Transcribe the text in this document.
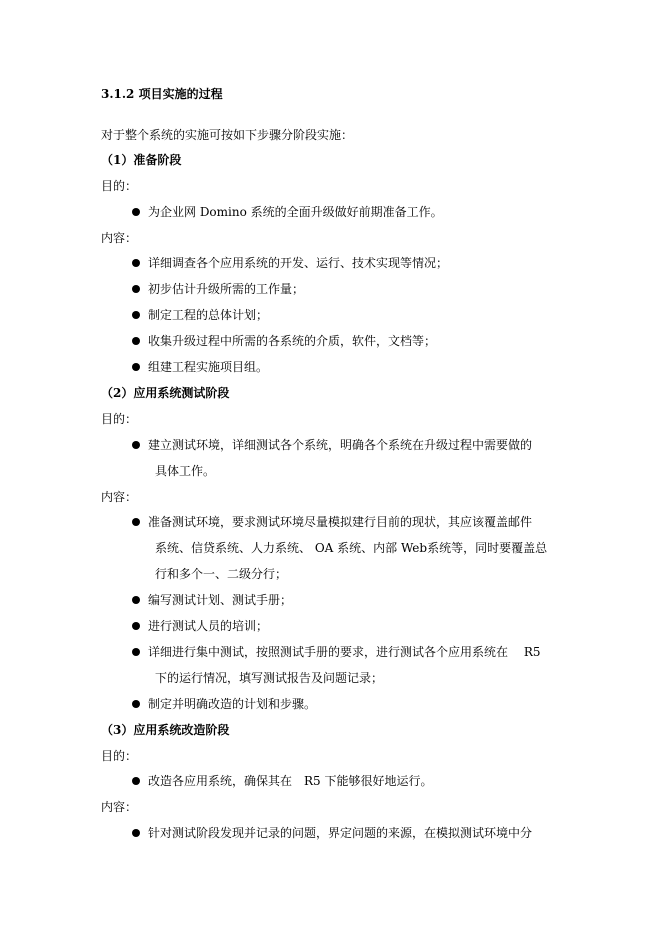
3.1.2 项目实施的过程
对于整个系统的实施可按如下步骤分阶段实施：
（1）准备阶段
目的：
为企业网 Domino 系统的全面升级做好前期准备工作。
内容：
详细调查各个应用系统的开发、运行、技术实现等情况；
初步估计升级所需的工作量；
制定工程的总体计划；
收集升级过程中所需的各系统的介质，软件，文档等；
组建工程实施项目组。
（2）应用系统测试阶段
目的：
建立测试环境，详细测试各个系统，明确各个系统在升级过程中需要做的
具体工作。
内容：
准备测试环境，要求测试环境尽量模拟建行目前的现状，其应该覆盖邮件
系统、信贷系统、人力系统、 OA 系统、内部 Web系统等，同时要覆盖总
行和多个一、二级分行；
编写测试计划、测试手册；
进行测试人员的培训；
详细进行集中测试，按照测试手册的要求，进行测试各个应用系统在　 R5
下的运行情况，填写测试报告及问题记录；
制定并明确改造的计划和步骤。
（3）应用系统改造阶段
目的：
改造各应用系统，确保其在　R5 下能够很好地运行。
内容：
针对测试阶段发现并记录的问题，界定问题的来源，在模拟测试环境中分
